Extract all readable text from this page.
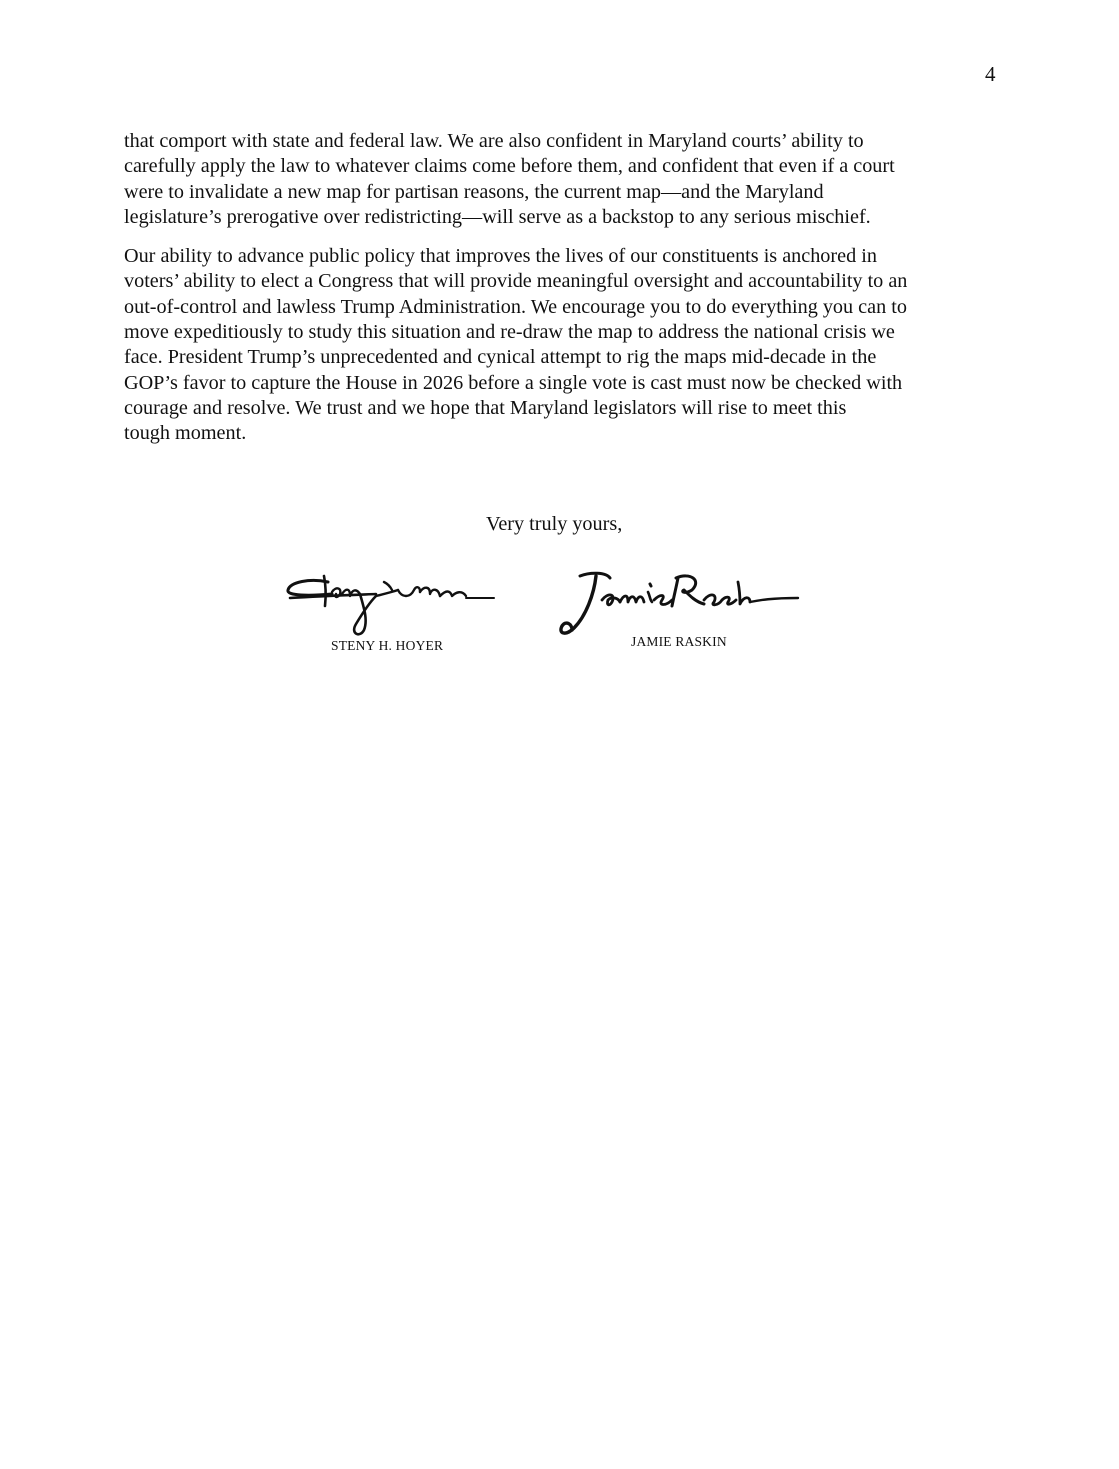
4
that comport with state and federal law. We are also confident in Maryland courts’ ability to
carefully apply the law to whatever claims come before them, and confident that even if a court
were to invalidate a new map for partisan reasons, the current map—and the Maryland
legislature’s prerogative over redistricting—will serve as a backstop to any serious mischief.
Our ability to advance public policy that improves the lives of our constituents is anchored in
voters’ ability to elect a Congress that will provide meaningful oversight and accountability to an
out-of-control and lawless Trump Administration. We encourage you to do everything you can to
move expeditiously to study this situation and re-draw the map to address the national crisis we
face. President Trump’s unprecedented and cynical attempt to rig the maps mid-decade in the
GOP’s favor to capture the House in 2026 before a single vote is cast must now be checked with
courage and resolve. We trust and we hope that Maryland legislators will rise to meet this
tough moment.
Very truly yours,
STENY H. HOYER	JAMIE RASKIN
